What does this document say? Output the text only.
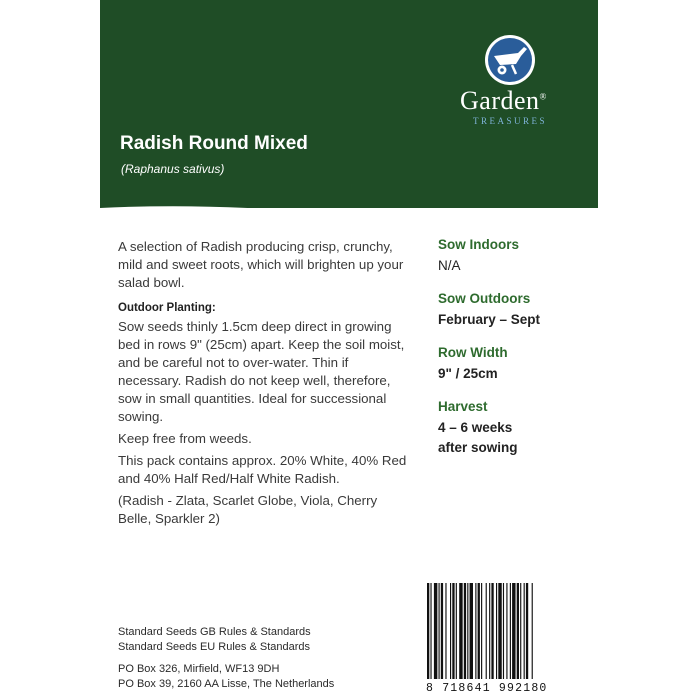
Radish Round Mixed

(Raphanus sativus)

Garden®

TREASURES

A selection of Radish producing crisp, crunchy, mild and sweet roots, which will brighten up your salad bowl.

Outdoor Planting:

Sow seeds thinly 1.5cm deep direct in growing bed in rows 9" (25cm) apart. Keep the soil moist, and be careful not to over-water. Thin if necessary. Radish do not keep well, therefore, sow in small quantities. Ideal for successional sowing.

Keep free from weeds.

This pack contains approx. 20% White, 40% Red and 40% Half Red/Half White Radish.

(Radish - Zlata, Scarlet Globe, Viola, Cherry Belle, Sparkler 2)

Sow Indoors

N/A

Sow Outdoors

February – Sept

Row Width

9" / 25cm

Harvest

4 – 6 weeks after sowing

Standard Seeds GB Rules & Standards

Standard Seeds EU Rules & Standards

PO Box 326, Mirfield, WF13 9DH

PO Box 39, 2160 AA Lisse, The Netherlands	8 718641 992180
